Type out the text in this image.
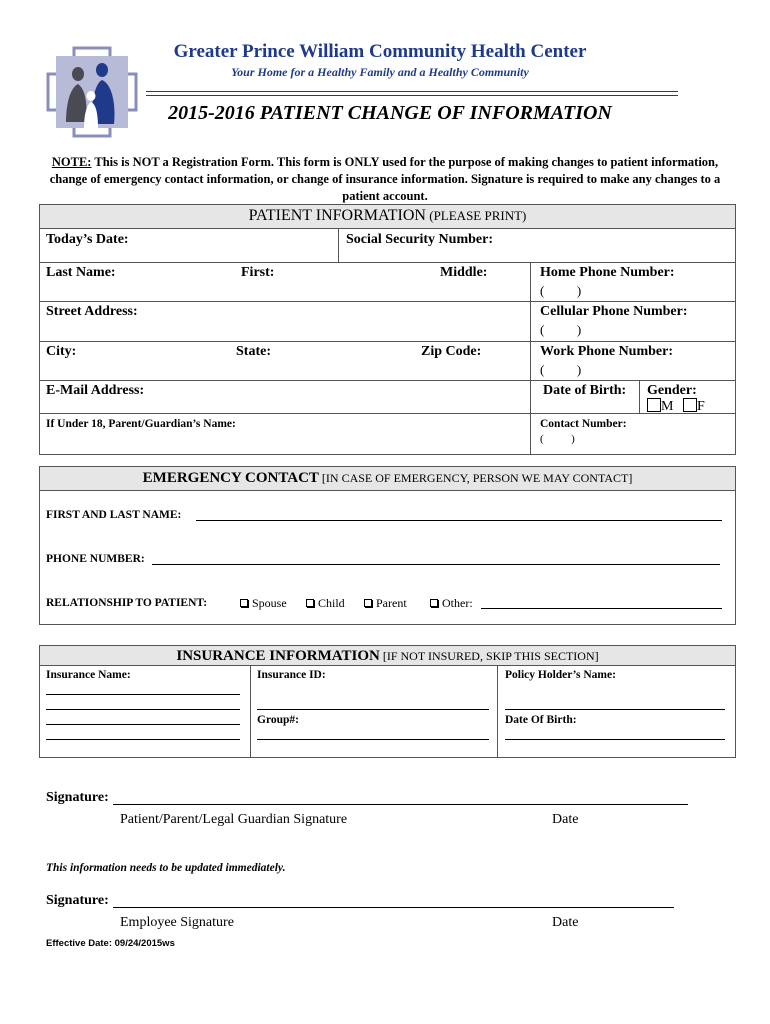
Greater Prince William Community Health Center
Your Home for a Healthy Family and a Healthy Community
2015-2016 PATIENT CHANGE OF INFORMATION
NOTE: This is NOT a Registration Form. This form is ONLY used for the purpose of making changes to patient information, change of emergency contact information, or change of insurance information. Signature is required to make any changes to a patient account.
PATIENT INFORMATION (PLEASE PRINT)
Today’s Date:	Social Security Number:
Last Name:	First:	Middle:	Home Phone Number:
(          )
Street Address:	Cellular Phone Number:
(          )
City:	State:	Zip Code:	Work Phone Number:
(          )
E-Mail Address:	Date of Birth: Gender:
M F
If Under 18, Parent/Guardian’s Name:	Contact Number:
(          )
EMERGENCY CONTACT [IN CASE OF EMERGENCY, PERSON WE MAY CONTACT]
FIRST AND LAST NAME:
PHONE NUMBER:
RELATIONSHIP TO PATIENT:	Spouse	Child	Parent	Other:
INSURANCE INFORMATION [IF NOT INSURED, SKIP THIS SECTION]
Insurance Name:	Insurance ID:
Group#:
Policy Holder’s Name:
Date Of Birth:
Signature:
Patient/Parent/Legal Guardian Signature	Date
This information needs to be updated immediately.
Signature:
Employee Signature	Date
Effective Date: 09/24/2015ws
